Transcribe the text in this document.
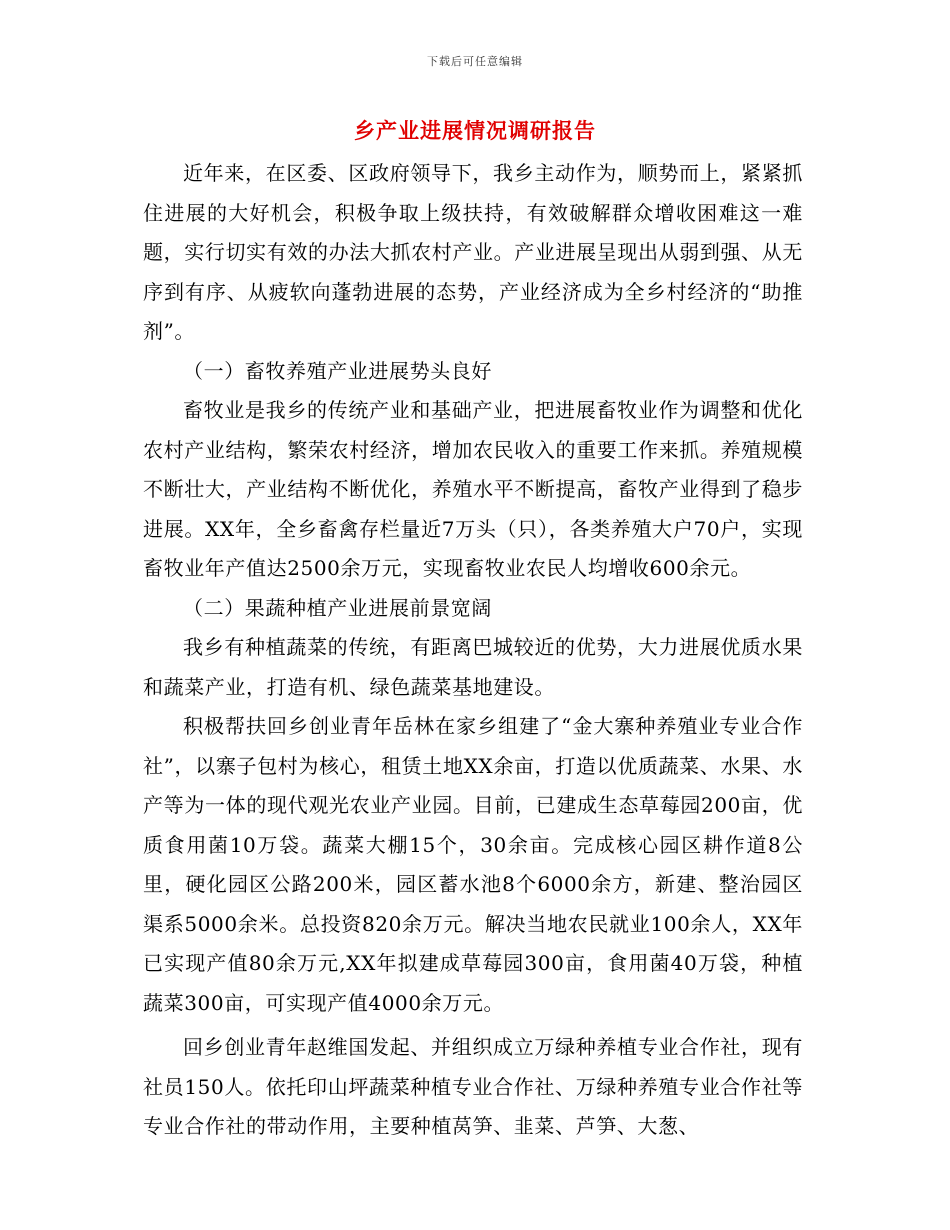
下载后可任意编辑
乡产业进展情况调研报告

近年来，在区委、区政府领导下，我乡主动作为，顺势而上，紧紧抓住进展的大好机会，积极争取上级扶持，有效破解群众增收困难这一难题，实行切实有效的办法大抓农村产业。产业进展呈现出从弱到强、从无序到有序、从疲软向蓬勃进展的态势，产业经济成为全乡村经济的“助推剂”。

（一）畜牧养殖产业进展势头良好

畜牧业是我乡的传统产业和基础产业，把进展畜牧业作为调整和优化农村产业结构，繁荣农村经济，增加农民收入的重要工作来抓。养殖规模不断壮大，产业结构不断优化，养殖水平不断提高，畜牧产业得到了稳步进展。XX年，全乡畜禽存栏量近7万头（只），各类养殖大户70户，实现畜牧业年产值达2500余万元，实现畜牧业农民人均增收600余元。

（二）果蔬种植产业进展前景宽阔

我乡有种植蔬菜的传统，有距离巴城较近的优势，大力进展优质水果和蔬菜产业，打造有机、绿色蔬菜基地建设。

积极帮扶回乡创业青年岳林在家乡组建了“金大寨种养殖业专业合作社”，以寨子包村为核心，租赁土地XX余亩，打造以优质蔬菜、水果、水产等为一体的现代观光农业产业园。目前，已建成生态草莓园200亩，优质食用菌10万袋。蔬菜大棚15个，30余亩。完成核心园区耕作道8公里，硬化园区公路200米，园区蓄水池8个6000余方，新建、整治园区渠系5000余米。总投资820余万元。解决当地农民就业100余人，XX年已实现产值80余万元,XX年拟建成草莓园300亩，食用菌40万袋，种植蔬菜300亩，可实现产值4000余万元。

回乡创业青年赵维国发起、并组织成立万绿种养植专业合作社，现有社员150人。依托印山坪蔬菜种植专业合作社、万绿种养殖专业合作社等专业合作社的带动作用，主要种植莴笋、韭菜、芦笋、大葱、
